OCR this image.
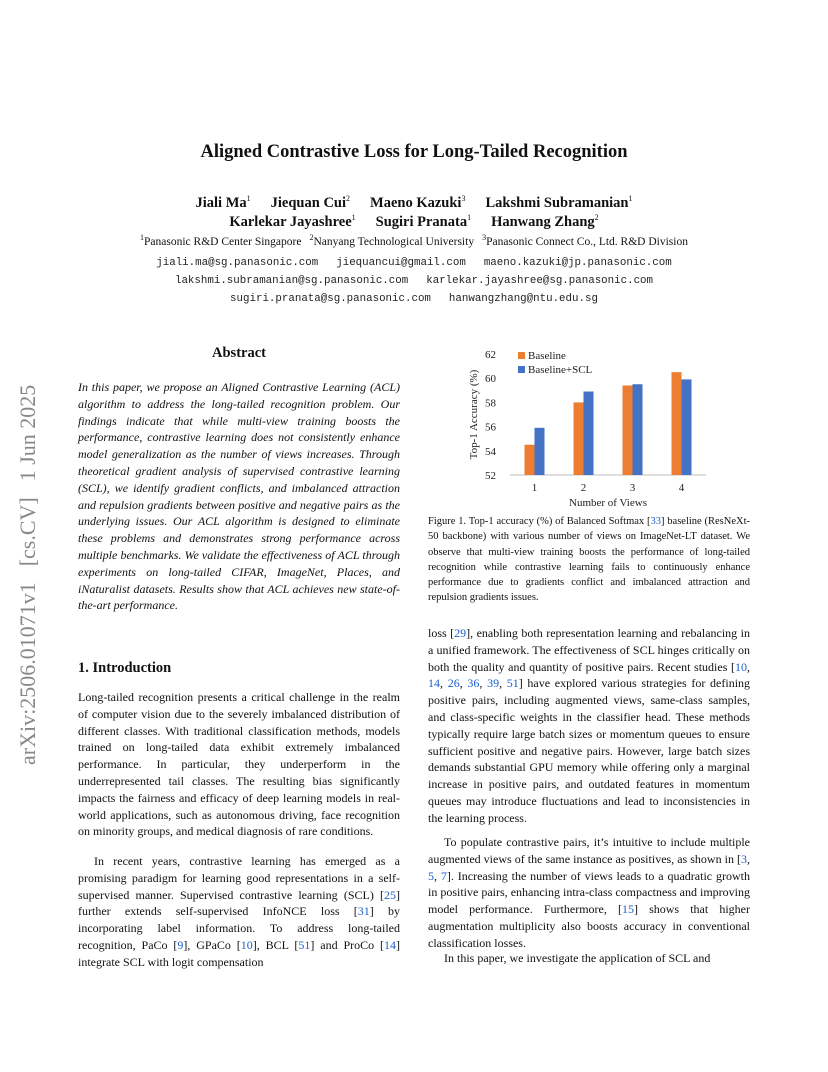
Aligned Contrastive Loss for Long-Tailed Recognition
Jiali Ma$^1$ Jiequan Cui$^2$ Maeno Kazuki$^3$ Lakshmi Subramanian$^1$
Karlekar Jayashree$^1$ Sugiri Pranata$^1$ Hanwang Zhang$^2$
$^1$Panasonic R&D Center Singapore $^2$Nanyang Technological University $^3$Panasonic Connect Co., Ltd. R&D Division
jiali.ma@sg.panasonic.com jiequancui@gmail.com maeno.kazuki@jp.panasonic.com
lakshmi.subramanian@sg.panasonic.com karlekar.jayashree@sg.panasonic.com
sugiri.pranata@sg.panasonic.com hanwangzhang@ntu.edu.sg
arXiv:2506.01071v1[cs.CV]1 Jun 2025
Abstract
In this paper, we propose an Aligned Contrastive Learning (ACL) algorithm to address the long-tailed recognition problem. Our findings indicate that while multi-view training boosts the performance, contrastive learning does not consistently enhance model generalization as the number of views increases. Through theoretical gradient analysis of supervised contrastive learning (SCL), we identify gradient conflicts, and imbalanced attraction and repulsion gradients between positive and negative pairs as the underlying issues. Our ACL algorithm is designed to eliminate these problems and demonstrates strong performance across multiple benchmarks. We validate the effectiveness of ACL through experiments on long-tailed CIFAR, ImageNet, Places, and iNaturalist datasets. Results show that ACL achieves new state-of-the-art performance.
1. Introduction
Long-tailed recognition presents a critical challenge in the realm of computer vision due to the severely imbalanced distribution of different classes. With traditional classification methods, models trained on long-tailed data exhibit extremely imbalanced performance. In particular, they underperform in the underrepresented tail classes. The resulting bias significantly impacts the fairness and efficacy of deep learning models in real-world applications, such as autonomous driving, face recognition on minority groups, and medical diagnosis of rare conditions.
In recent years, contrastive learning has emerged as a promising paradigm for learning good representations in a self-supervised manner. Supervised contrastive learning (SCL) [25] further extends self-supervised InfoNCE loss [31] by incorporating label information. To address long-tailed recognition, PaCo [9], GPaCo [10], BCL [51] and ProCo [14] integrate SCL with logit compensation
52
54
56
58
60
62
Top-1 Accuracy (%)
1	2	3	4
Number of Views
Baseline
Baseline+SCL
Figure 1. Top-1 accuracy (%) of Balanced Softmax [33] baseline (ResNeXt-50 backbone) with various number of views on ImageNet-LT dataset. We observe that multi-view training boosts the performance of long-tailed recognition while contrastive learning fails to continuously enhance performance due to gradients conflict and imbalanced attraction and repulsion gradients issues.
loss [29], enabling both representation learning and rebalancing in a unified framework. The effectiveness of SCL hinges critically on both the quality and quantity of positive pairs. Recent studies [10, 14, 26, 36, 39, 51] have explored various strategies for defining positive pairs, including augmented views, same-class samples, and class-specific weights in the classifier head. These methods typically require large batch sizes or momentum queues to ensure sufficient positive and negative pairs. However, large batch sizes demands substantial GPU memory while offering only a marginal increase in positive pairs, and outdated features in momentum queues may introduce fluctuations and lead to inconsistencies in the learning process.
To populate contrastive pairs, it’s intuitive to include multiple augmented views of the same instance as positives, as shown in [3, 5, 7]. Increasing the number of views leads to a quadratic growth in positive pairs, enhancing intra-class compactness and improving model performance. Furthermore, [15] shows that higher augmentation multiplicity also boosts accuracy in conventional classification losses.
In this paper, we investigate the application of SCL and
